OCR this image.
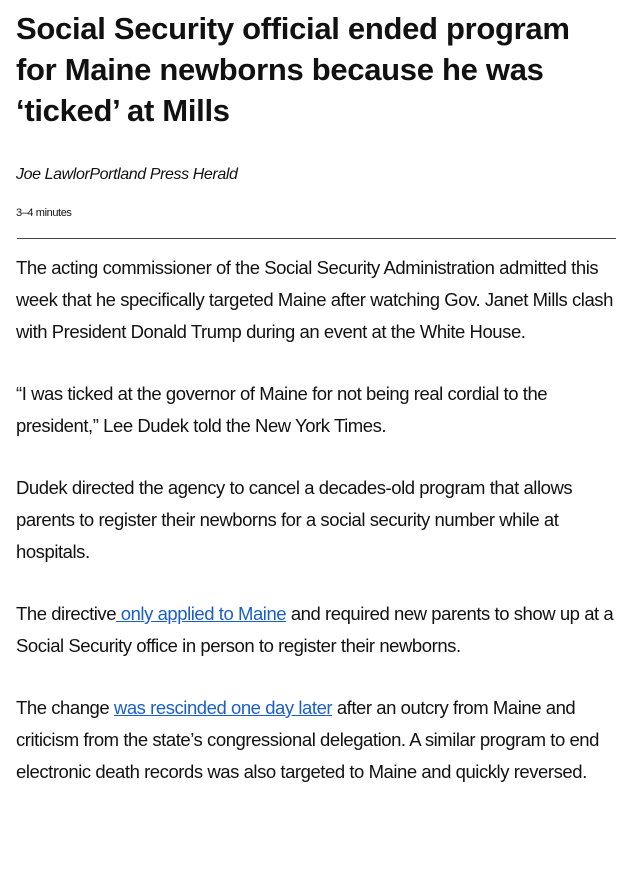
Social Security official ended program for Maine newborns because he was ‘ticked’ at Mills
Joe LawlorPortland Press Herald
3–4 minutes

The acting commissioner of the Social Security Administration admitted this week that he specifically targeted Maine after watching Gov. Janet Mills clash with President Donald Trump during an event at the White House.

“I was ticked at the governor of Maine for not being real cordial to the president,” Lee Dudek told the New York Times.

Dudek directed the agency to cancel a decades-old program that allows parents to register their newborns for a social security number while at hospitals.

The directive only applied to Maine and required new parents to show up at a Social Security office in person to register their newborns.

The change was rescinded one day later after an outcry from Maine and criticism from the state’s congressional delegation. A similar program to end electronic death records was also targeted to Maine and quickly reversed.
